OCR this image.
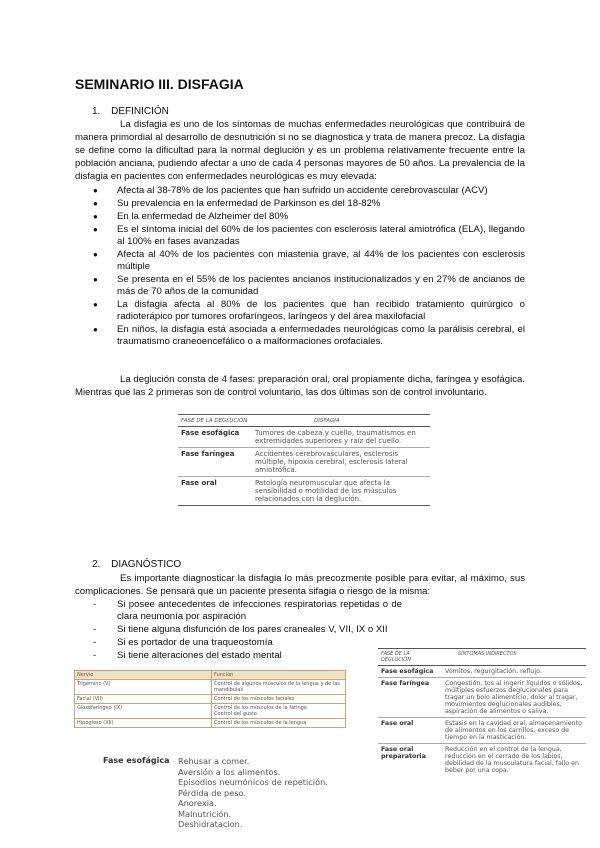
SEMINARIO III. DISFAGIA
1. DEFINICIÓN
La disfagia es uno de los síntomas de muchas enfermedades neurológicas que contribuirá de manera primordial al desarrollo de desnutrición si no se diagnostica y trata de manera precoz. La disfagia se define como la dificultad para la normal deglución y es un problema relativamente frecuente entre la población anciana, pudiendo afectar a uno de cada 4 personas mayores de 50 años. La prevalencia de la disfagia en pacientes con enfermedades neurológicas es muy elevada:
● Afecta al 38-78% de los pacientes que han sufrido un accidente cerebrovascular (ACV)
● Su prevalencia en la enfermedad de Parkinson es del 18-82%
● En la enfermedad de Alzheimer del 80%
● Es el síntoma inicial del 60% de los pacientes con esclerosis lateral amiotrófica (ELA), llegando al 100% en fases avanzadas
● Afecta al 40% de los pacientes con miastenia grave, al 44% de los pacientes con esclerosis múltiple
● Se presenta en el 55% de los pacientes ancianos institucionalizados y en 27% de ancianos de más de 70 años de la comunidad
● La disfagia afecta al 80% de los pacientes que han recibido tratamiento quirúrgico o radioterápico por tumores orofaríngeos, laríngeos y del área maxilofacial
● En niños, la disfagia está asociada a enfermedades neurológicas como la parálisis cerebral, el traumatismo craneoencefálico o a malformaciones orofaciales.
La deglución consta de 4 fases: preparación oral, oral propiamente dicha, faríngea y esofágica. Mientras que las 2 primeras son de control voluntario, las dos últimas son de control involuntario.
FASE DE LA DEGLUCIÓN	DISFAGIA
Fase esofágica	Tumores de cabeza y cuello, traumatismos en extremidades superiores y raíz del cuello.
Fase faríngea	Accidentes cerebrovasculares, esclerosis múltiple, hipoxia cerebral, esclerosis lateral amiotrófica.
Fase oral	Patología neuromuscular que afecta la sensibilidad o motilidad de los músculos relacionados con la deglución.
2. DIAGNÓSTICO
Es importante diagnosticar la disfagia lo más precozmente posible para evitar, al máximo, sus complicaciones. Se pensará que un paciente presenta sifagia o riesgo de la misma:
- Si posee antecedentes de infecciones respiratorias repetidas o de clara neumonía por aspiración
- Si tiene alguna disfunción de los pares craneales V, VII, IX o XII
- Si es portador de una traqueostomía
- Si tiene alteraciones del estado mental
Nervio	Función
Trigémino (V)	Control de algunos músculos de la lengua y de las mandíbulas
Facial (VII)	Control de los músculos faciales
Glosofaríngeo (IX)	Control de los músculos de la faringe
Control del gusto
Hipogloso (XII)	Control de los músculos de la lengua
FASE DE LA DEGLUCIÓN	SÍNTOMAS INDIRECTOS
Fase esofágica	Vómitos, regurgitación, reflujo.
Fase faríngea	Congestión, tos al ingerir líquidos o sólidos, múltiples esfuerzos deglucionales para tragar un bolo alimenticio, dolor al tragar, movimientos deglucionales audibles, aspiración de alimentos o saliva.
Fase oral	Estasis en la cavidad oral, almacenamiento de alimentos en los carrillos, exceso de tiempo en la masticación.
Fase oral preparatoria	Reducción en el control de la lengua, reducción en el cerrado de los labios, debilidad de la musculatura facial, fallo en beber por una copa.
Fase esofágica Rehusar a comer.
Aversión a los alimentos.
Episodios neumónicos de repetición.
Pérdida de peso.
Anorexia.
Malnutrición.
Deshidratacion.
